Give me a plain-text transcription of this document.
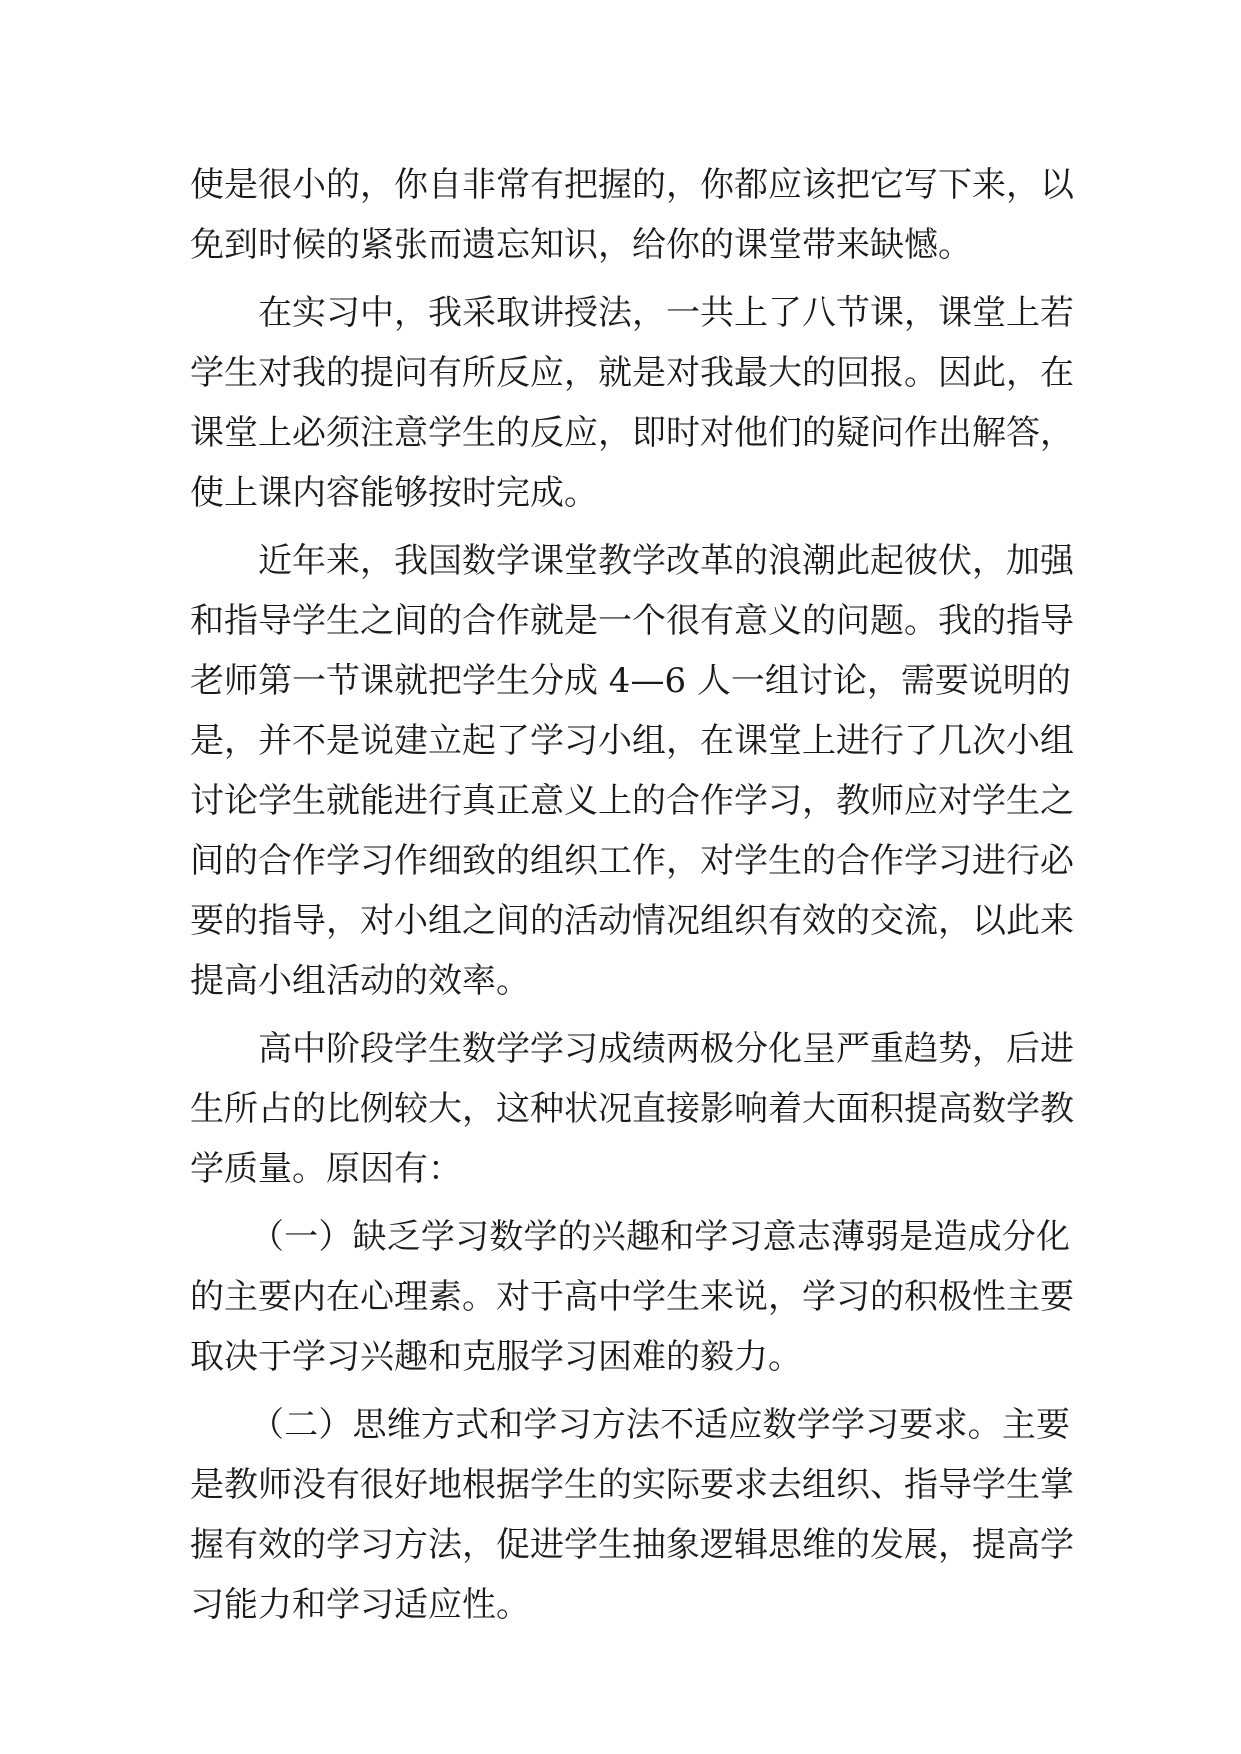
使是很小的，你自非常有把握的，你都应该把它写下来，以
免到时候的紧张而遗忘知识，给你的课堂带来缺憾。
在实习中，我采取讲授法，一共上了八节课，课堂上若
学生对我的提问有所反应，就是对我最大的回报。因此，在
课堂上必须注意学生的反应，即时对他们的疑问作出解答，
使上课内容能够按时完成。
近年来，我国数学课堂教学改革的浪潮此起彼伏，加强
和指导学生之间的合作就是一个很有意义的问题。我的指导
老师第一节课就把学生分成 4—6 人一组讨论，需要说明的
是，并不是说建立起了学习小组，在课堂上进行了几次小组
讨论学生就能进行真正意义上的合作学习，教师应对学生之
间的合作学习作细致的组织工作，对学生的合作学习进行必
要的指导，对小组之间的活动情况组织有效的交流，以此来
提高小组活动的效率。
高中阶段学生数学学习成绩两极分化呈严重趋势，后进
生所占的比例较大，这种状况直接影响着大面积提高数学教
学质量。原因有：
（一）缺乏学习数学的兴趣和学习意志薄弱是造成分化
的主要内在心理素。对于高中学生来说，学习的积极性主要
取决于学习兴趣和克服学习困难的毅力。
（二）思维方式和学习方法不适应数学学习要求。主要
是教师没有很好地根据学生的实际要求去组织、指导学生掌
握有效的学习方法，促进学生抽象逻辑思维的发展，提高学
习能力和学习适应性。
